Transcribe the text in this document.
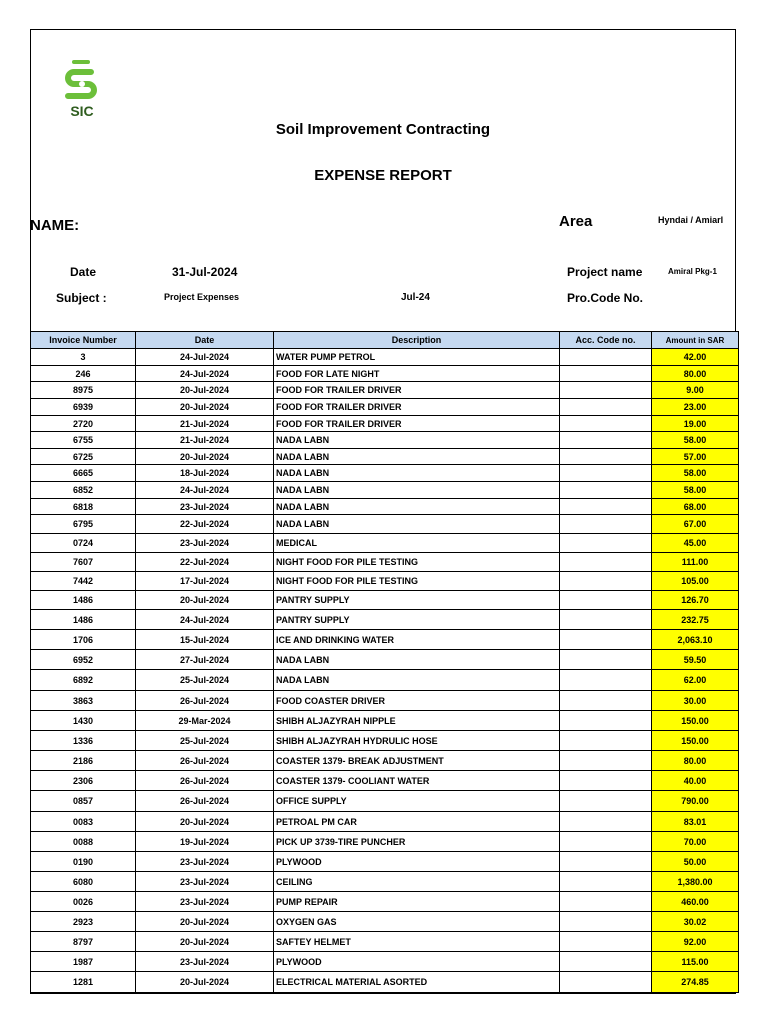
SIC
Soil Improvement Contracting
EXPENSE REPORT
NAME:	Area	Hyndai / Amiarl
Date	31-Jul-2024	Project name	Amiral Pkg-1
Subject :	Project Expenses	Jul-24	Pro.Code No.
Invoice Number	Date	Description	Acc. Code no.	Amount in SAR
3	24-Jul-2024	WATER PUMP PETROL		42.00
246	24-Jul-2024	FOOD FOR LATE NIGHT		80.00
8975	20-Jul-2024	FOOD FOR TRAILER DRIVER		9.00
6939	20-Jul-2024	FOOD FOR TRAILER DRIVER		23.00
2720	21-Jul-2024	FOOD FOR TRAILER DRIVER		19.00
6755	21-Jul-2024	NADA LABN		58.00
6725	20-Jul-2024	NADA LABN		57.00
6665	18-Jul-2024	NADA LABN		58.00
6852	24-Jul-2024	NADA LABN		58.00
6818	23-Jul-2024	NADA LABN		68.00
6795	22-Jul-2024	NADA LABN		67.00
0724	23-Jul-2024	MEDICAL		45.00
7607	22-Jul-2024	NIGHT FOOD FOR PILE TESTING		111.00
7442	17-Jul-2024	NIGHT FOOD FOR PILE TESTING		105.00
1486	20-Jul-2024	PANTRY SUPPLY		126.70
1486	24-Jul-2024	PANTRY SUPPLY		232.75
1706	15-Jul-2024	ICE AND DRINKING WATER		2,063.10
6952	27-Jul-2024	NADA LABN		59.50
6892	25-Jul-2024	NADA LABN		62.00
3863	26-Jul-2024	FOOD COASTER DRIVER		30.00
1430	29-Mar-2024	SHIBH ALJAZYRAH NIPPLE		150.00
1336	25-Jul-2024	SHIBH ALJAZYRAH HYDRULIC HOSE		150.00
2186	26-Jul-2024	COASTER 1379- BREAK ADJUSTMENT		80.00
2306	26-Jul-2024	COASTER 1379- COOLIANT WATER		40.00
0857	26-Jul-2024	OFFICE SUPPLY		790.00
0083	20-Jul-2024	PETROAL PM CAR		83.01
0088	19-Jul-2024	PICK UP 3739-TIRE PUNCHER		70.00
0190	23-Jul-2024	PLYWOOD		50.00
6080	23-Jul-2024	CEILING		1,380.00
0026	23-Jul-2024	PUMP REPAIR		460.00
2923	20-Jul-2024	OXYGEN GAS		30.02
8797	20-Jul-2024	SAFTEY HELMET		92.00
1987	23-Jul-2024	PLYWOOD		115.00
1281	20-Jul-2024	ELECTRICAL MATERIAL ASORTED		274.85
